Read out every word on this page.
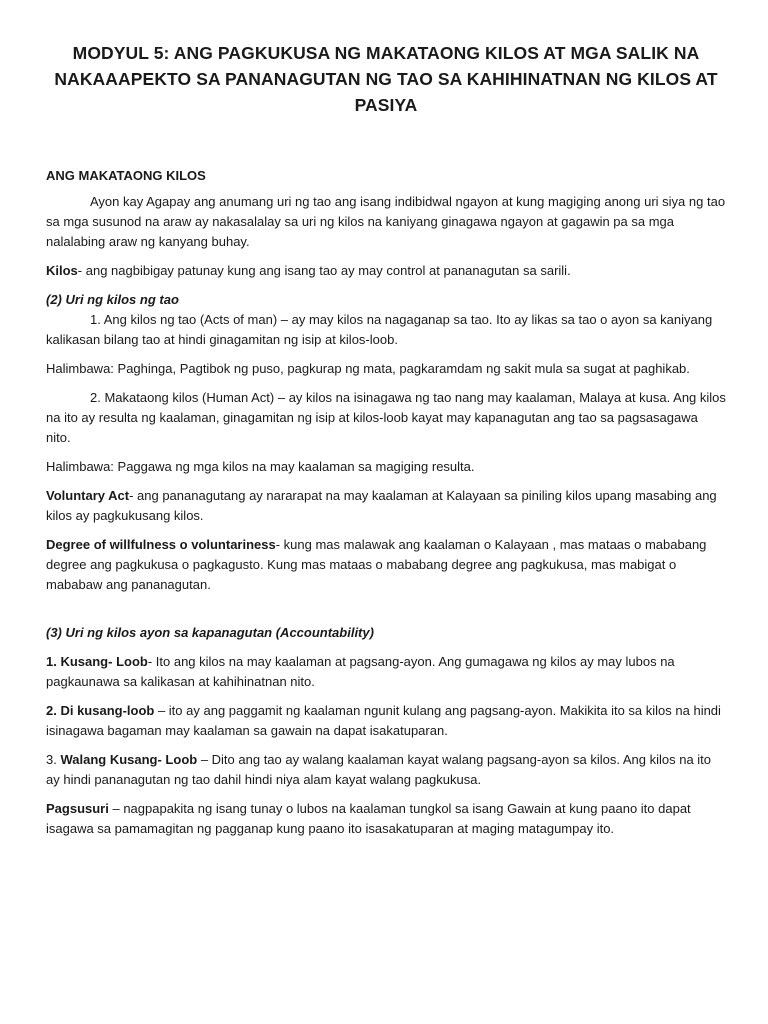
MODYUL 5: ANG PAGKUKUSA NG MAKATAONG KILOS AT MGA SALIK NA NAKAAAPEKTO SA PANANAGUTAN NG TAO SA KAHIHINATNAN NG KILOS AT PASIYA
ANG MAKATAONG KILOS

Ayon kay Agapay ang anumang uri ng tao ang isang indibidwal ngayon at kung magiging anong uri siya ng tao sa mga susunod na araw ay nakasalalay sa uri ng kilos na kaniyang ginagawa ngayon at gagawin pa sa mga nalalabing araw ng kanyang buhay.

Kilos- ang nagbibigay patunay kung ang isang tao ay may control at pananagutan sa sarili.

(2) Uri ng kilos ng tao

1. Ang kilos ng tao (Acts of man) – ay may kilos na nagaganap sa tao. Ito ay likas sa tao o ayon sa kaniyang kalikasan bilang tao at hindi ginagamitan ng isip at kilos-loob.

Halimbawa: Paghinga, Pagtibok ng puso, pagkurap ng mata, pagkaramdam ng sakit mula sa sugat at paghikab.

2. Makataong kilos (Human Act) – ay kilos na isinagawa ng tao nang may kaalaman, Malaya at kusa. Ang kilos na ito ay resulta ng kaalaman, ginagamitan ng isip at kilos-loob kayat may kapanagutan ang tao sa pagsasagawa nito.

Halimbawa: Paggawa ng mga kilos na may kaalaman sa magiging resulta.

Voluntary Act- ang pananagutang ay nararapat na may kaalaman at Kalayaan sa piniling kilos upang masabing ang kilos ay pagkukusang kilos.

Degree of willfulness o voluntariness- kung mas malawak ang kaalaman o Kalayaan , mas mataas o mababang degree ang pagkukusa o pagkagusto. Kung mas mataas o mababang degree ang pagkukusa, mas mabigat o mababaw ang pananagutan.

(3) Uri ng kilos ayon sa kapanagutan (Accountability)

1. Kusang- Loob- Ito ang kilos na may kaalaman at pagsang-ayon. Ang gumagawa ng kilos ay may lubos na pagkaunawa sa kalikasan at kahihinatnan nito.

2. Di kusang-loob – ito ay ang paggamit ng kaalaman ngunit kulang ang pagsang-ayon. Makikita ito sa kilos na hindi isinagawa bagaman may kaalaman sa gawain na dapat isakatuparan.

3. Walang Kusang- Loob – Dito ang tao ay walang kaalaman kayat walang pagsang-ayon sa kilos. Ang kilos na ito ay hindi pananagutan ng tao dahil hindi niya alam kayat walang pagkukusa.

Pagsusuri – nagpapakita ng isang tunay o lubos na kaalaman tungkol sa isang Gawain at kung paano ito dapat isagawa sa pamamagitan ng pagganap kung paano ito isasakatuparan at maging matagumpay ito.
